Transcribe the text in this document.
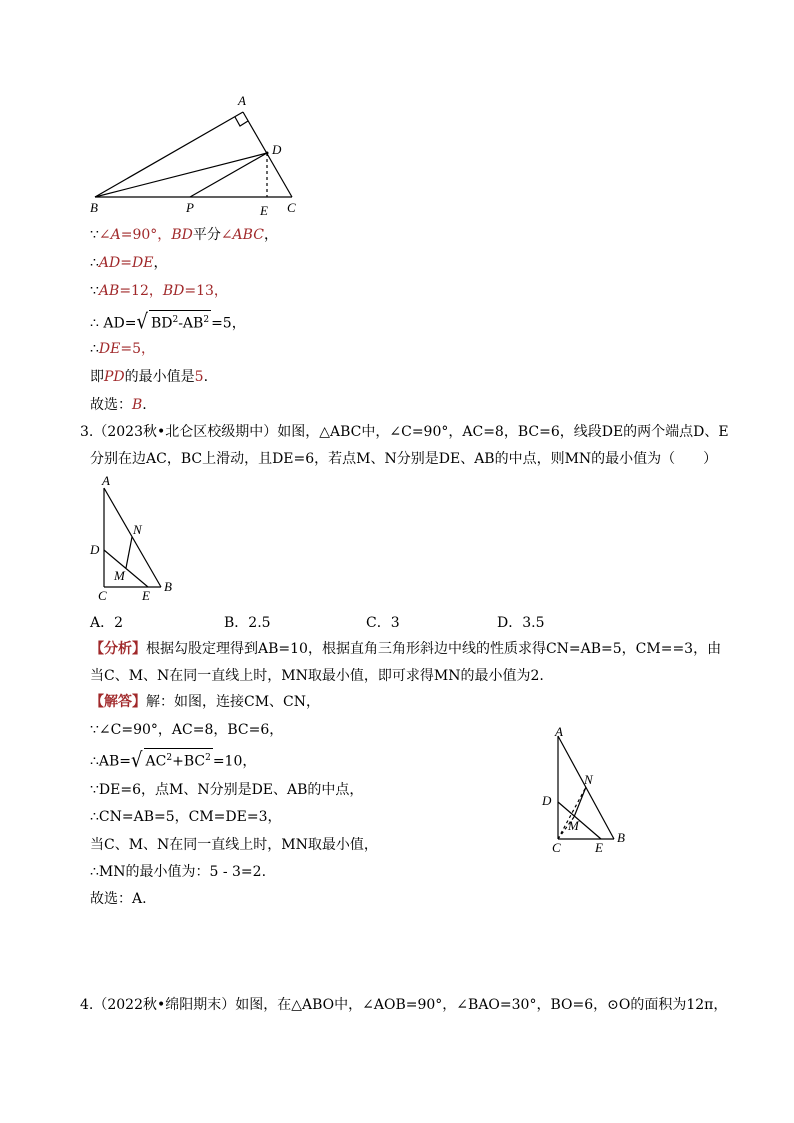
A
D
B	P	E C
∵∠A=90°，BD平分∠ABC，
∴AD=DE，
∵AB=12，BD=13，
∴ AD=√ $BD^2-AB^2 =5$，
∴DE=5，
即PD的最小值是5.
故选：B.
3.（2023秋•北仑区校级期中）如图，△ABC中，∠C=90°，AC=8，BC=6，线段DE的两个端点D、E
分别在边AC，BC上滑动，且DE=6，若点M、N分别是DE、AB的中点，则MN的最小值为（　　）
A
N
D
M
C	E
B
A．2	B．2.5	C．3	D．3.5
【分析】根据勾股定理得到AB=10，根据直角三角形斜边中线的性质求得CN=AB=5，CM==3，由
当C、M、N在同一直线上时，MN取最小值，即可求得MN的最小值为2.
【解答】解：如图，连接CM、CN，
∵∠C=90°，AC=8，BC=6，
∴AB=√ $AC^2+BC^2 =10$，
∵DE=6，点M、N分别是DE、AB的中点，
∴CN=AB=5，CM=DE=3，
当C、M、N在同一直线上时，MN取最小值，
∴MN的最小值为：5 - 3=2.
故选：A.
A
N
D
M
C	E
B
4.（2022秋•绵阳期末）如图，在△ABO中，∠AOB=90°，∠BAO=30°，BO=6，⊙O的面积为12π，
